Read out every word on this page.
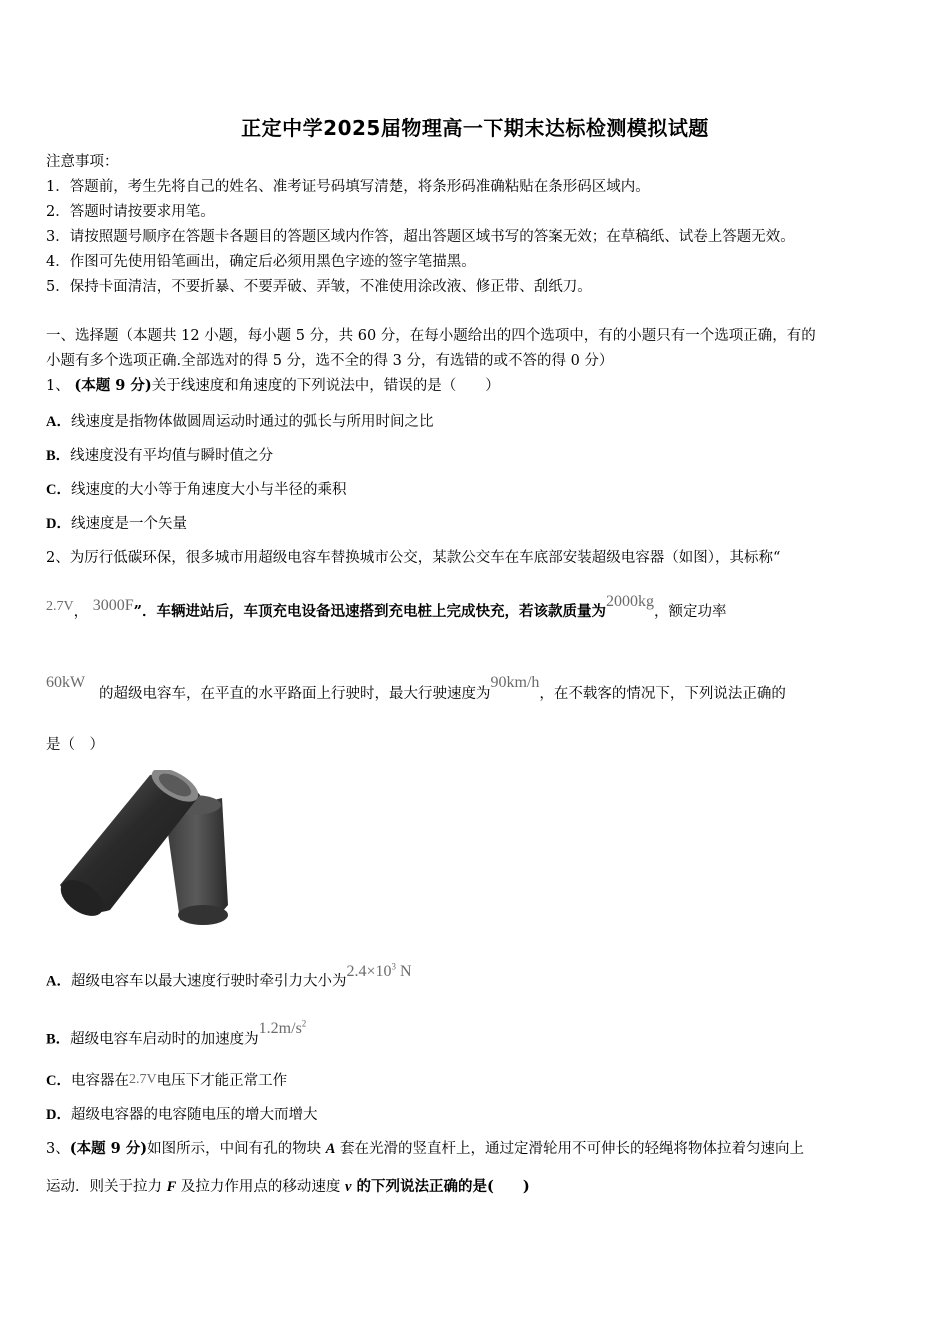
正定中学2025届物理高一下期末达标检测模拟试题
注意事项：
1．答题前，考生先将自己的姓名、准考证号码填写清楚，将条形码准确粘贴在条形码区域内。
2．答题时请按要求用笔。
3．请按照题号顺序在答题卡各题目的答题区域内作答，超出答题区域书写的答案无效；在草稿纸、试卷上答题无效。
4．作图可先使用铅笔画出，确定后必须用黑色字迹的签字笔描黑。
5．保持卡面清洁，不要折暴、不要弄破、弄皱，不准使用涂改液、修正带、刮纸刀。
一、选择题（本题共 12 小题，每小题 5 分，共 60 分，在每小题给出的四个选项中，有的小题只有一个选项正确，有的
小题有多个选项正确.全部选对的得 5 分，选不全的得 3 分，有选错的或不答的得 0 分）
1、 (本题 9 分)关于线速度和角速度的下列说法中，错误的是（　　）
A．线速度是指物体做圆周运动时通过的弧长与所用时间之比
B．线速度没有平均值与瞬时值之分
C．线速度的大小等于角速度大小与半径的乘积
D．线速度是一个矢量
2、为厉行低碳环保，很多城市用超级电容车替换城市公交，某款公交车在车底部安装超级电容器（如图），其标称“
2.7V， 3000F”．车辆进站后，车顶充电设备迅速搭到充电桩上完成快充，若该款质量为2000kg，额定功率
60kW
的超级电容车，在平直的水平路面上行驶时，最大行驶速度为90km/h，在不载客的情况下，下列说法正确的
是（　）
A．超级电容车以最大速度行驶时牵引力大小为$2.4\times 10^3$ N
B．超级电容车启动时的加速度为$1.2m/s^2$
C．电容器在2.7V电压下才能正常工作
D．超级电容器的电容随电压的增大而增大
3、(本题 9 分)如图所示，中间有孔的物块 A 套在光滑的竖直杆上，通过定滑轮用不可伸长的轻绳将物体拉着匀速向上
运动．则关于拉力 F 及拉力作用点的移动速度 v 的下列说法正确的是(　　)
